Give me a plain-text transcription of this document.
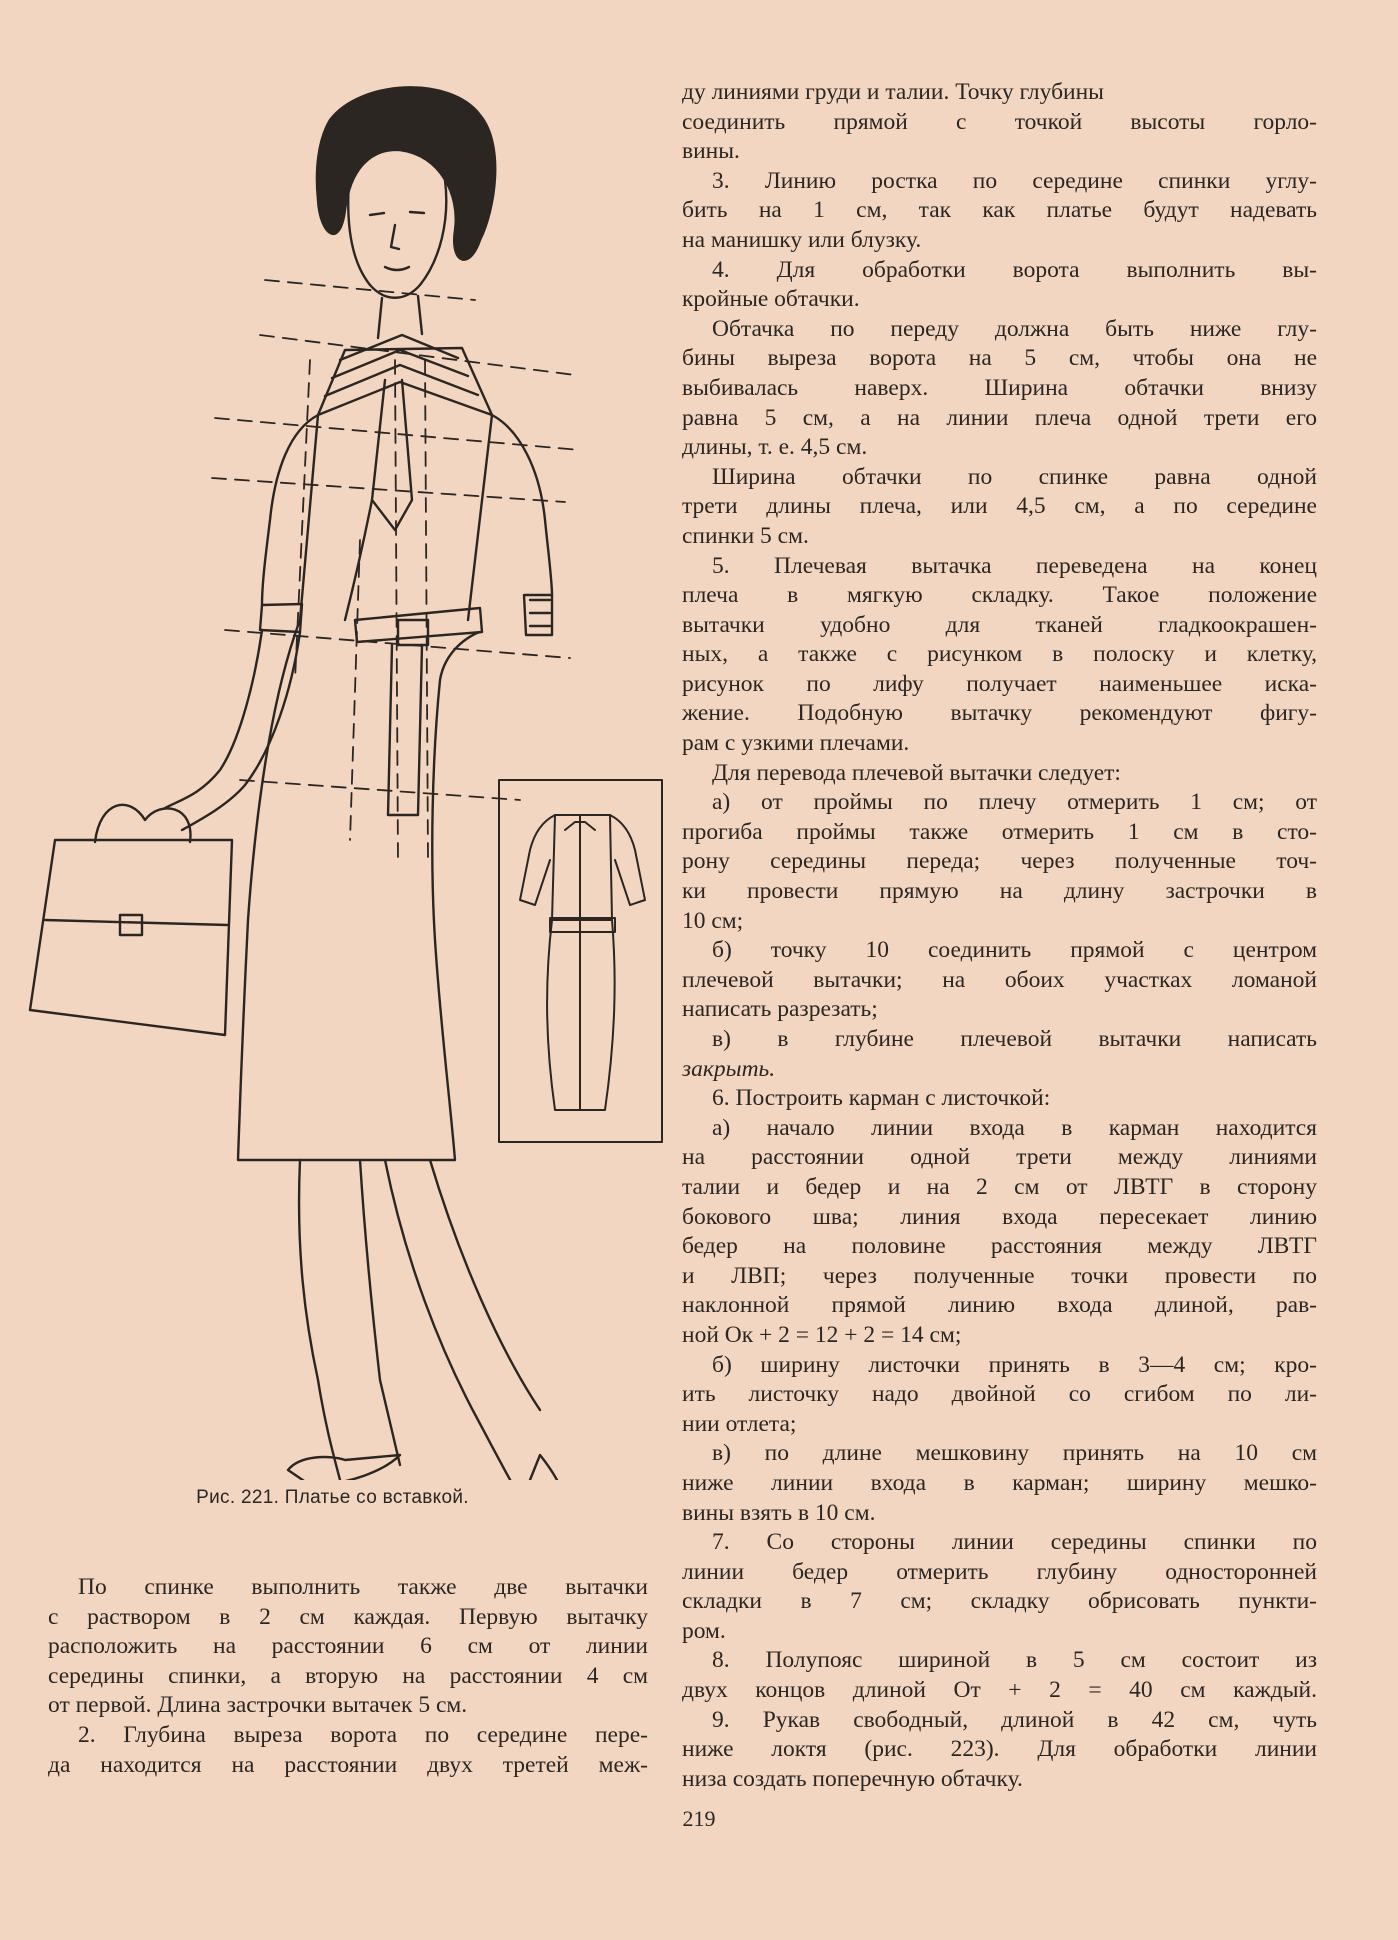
Рис. 221. Платье со вставкой.
ду линиями груди и талии. Точку глубины
соединить прямой с точкой высоты горло-
вины.
3. Линию ростка по середине спинки углу-
бить на 1 см, так как платье будут надевать
на манишку или блузку.
4. Для обработки ворота выполнить вы-
кройные обтачки.
Обтачка по переду должна быть ниже глу-
бины выреза ворота на 5 см, чтобы она не
выбивалась наверх. Ширина обтачки внизу
равна 5 см, а на линии плеча одной трети его
длины, т. е. 4,5 см.
Ширина обтачки по спинке равна одной
трети длины плеча, или 4,5 см, а по середине
спинки 5 см.
5. Плечевая вытачка переведена на конец
плеча в мягкую складку. Такое положение
вытачки удобно для тканей гладкоокрашен-
ных, а также с рисунком в полоску и клетку,
рисунок по лифу получает наименьшее иска-
жение. Подобную вытачку рекомендуют фигу-
рам с узкими плечами.
Для перевода плечевой вытачки следует:
а) от проймы по плечу отмерить 1 см; от
прогиба проймы также отмерить 1 см в сто-
рону середины переда; через полученные точ-
ки провести прямую на длину застрочки в
10 см;
б) точку 10 соединить прямой с центром
плечевой вытачки; на обоих участках ломаной
написать разрезать;
в) в глубине плечевой вытачки написать
закрыть.
6. Построить карман с листочкой:
а) начало линии входа в карман находится
на расстоянии одной трети между линиями
талии и бедер и на 2 см от ЛВТГ в сторону
бокового шва; линия входа пересекает линию
бедер на половине расстояния между ЛВТГ
и ЛВП; через полученные точки провести по
наклонной прямой линию входа длиной, рав-
ной Ок + 2 = 12 + 2 = 14 см;
б) ширину листочки принять в 3—4 см; кро-
ить листочку надо двойной со сгибом по ли-
нии отлета;
в) по длине мешковину принять на 10 см
ниже линии входа в карман; ширину мешко-
вины взять в 10 см.
7. Со стороны линии середины спинки по
линии бедер отмерить глубину односторонней
складки в 7 см; складку обрисовать пункти-
ром.
8. Полупояс шириной в 5 см состоит из
двух концов длиной От + 2 = 40 см каждый.
9. Рукав свободный, длиной в 42 см, чуть
ниже локтя (рис. 223). Для обработки линии
низа создать поперечную обтачку.
По спинке выполнить также две вытачки
с раствором в 2 см каждая. Первую вытачку
расположить на расстоянии 6 см от линии
середины спинки, а вторую на расстоянии 4 см
от первой. Длина застрочки вытачек 5 см.
2. Глубина выреза ворота по середине пере-
да находится на расстоянии двух третей меж-
219
